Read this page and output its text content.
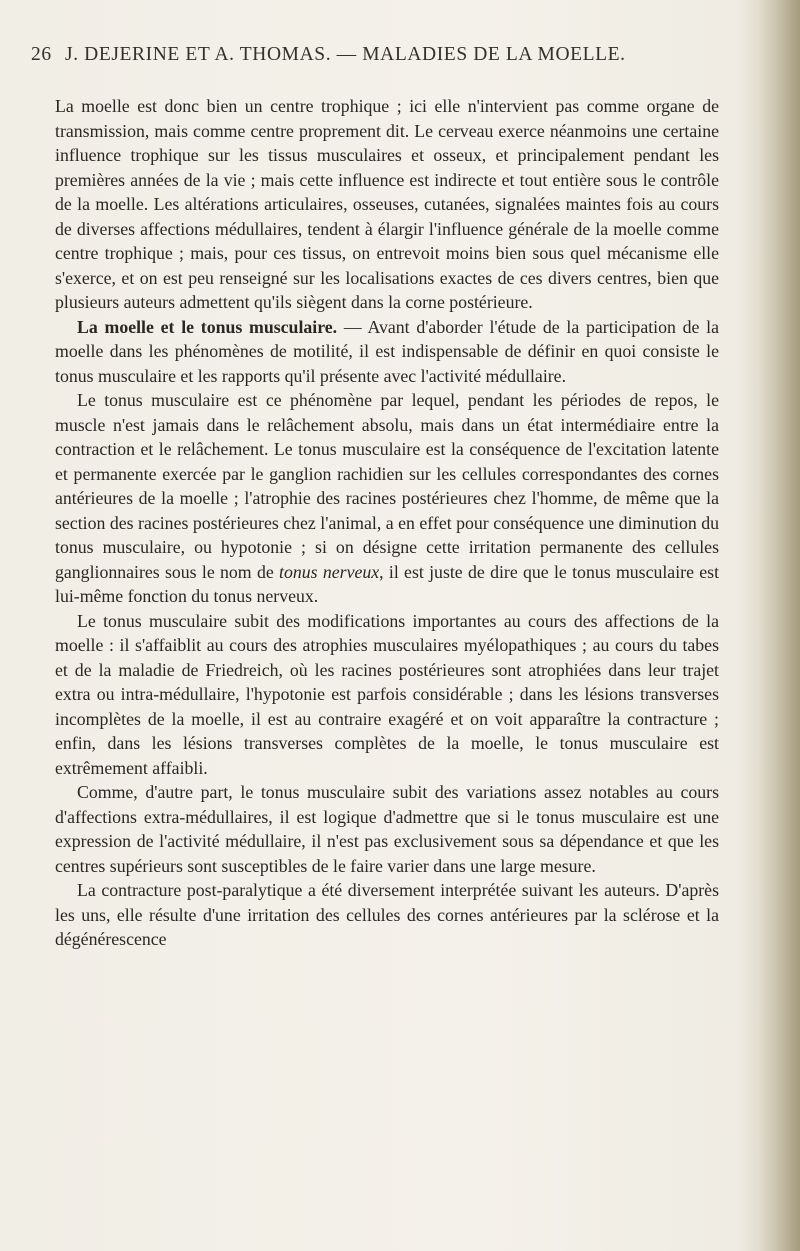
26 J. DEJERINE ET A. THOMAS. — MALADIES DE LA MOELLE.

La moelle est donc bien un centre trophique ; ici elle n'intervient pas comme organe de transmission, mais comme centre proprement dit. Le cerveau exerce néanmoins une certaine influence trophique sur les tissus musculaires et osseux, et principalement pendant les premières années de la vie ; mais cette influence est indirecte et tout entière sous le contrôle de la moelle. Les altérations articulaires, osseuses, cutanées, signalées maintes fois au cours de diverses affections médullaires, tendent à élargir l'influence générale de la moelle comme centre trophique ; mais, pour ces tissus, on entrevoit moins bien sous quel mécanisme elle s'exerce, et on est peu renseigné sur les localisations exactes de ces divers centres, bien que plusieurs auteurs admettent qu'ils siègent dans la corne postérieure.

La moelle et le tonus musculaire. — Avant d'aborder l'étude de la participation de la moelle dans les phénomènes de motilité, il est indispensable de définir en quoi consiste le tonus musculaire et les rapports qu'il présente avec l'activité médullaire.

Le tonus musculaire est ce phénomène par lequel, pendant les périodes de repos, le muscle n'est jamais dans le relâchement absolu, mais dans un état intermédiaire entre la contraction et le relâchement. Le tonus musculaire est la conséquence de l'excitation latente et permanente exercée par le ganglion rachidien sur les cellules correspondantes des cornes antérieures de la moelle ; l'atrophie des racines postérieures chez l'homme, de même que la section des racines postérieures chez l'animal, a en effet pour conséquence une diminution du tonus musculaire, ou hypotonie ; si on désigne cette irritation permanente des cellules ganglionnaires sous le nom de tonus nerveux, il est juste de dire que le tonus musculaire est lui-même fonction du tonus nerveux.

Le tonus musculaire subit des modifications importantes au cours des affections de la moelle : il s'affaiblit au cours des atrophies musculaires myélopathiques ; au cours du tabes et de la maladie de Friedreich, où les racines postérieures sont atrophiées dans leur trajet extra ou intra-médullaire, l'hypotonie est parfois considérable ; dans les lésions transverses incomplètes de la moelle, il est au contraire exagéré et on voit apparaître la contracture ; enfin, dans les lésions transverses complètes de la moelle, le tonus musculaire est extrêmement affaibli.

Comme, d'autre part, le tonus musculaire subit des variations assez notables au cours d'affections extra-médullaires, il est logique d'admettre que si le tonus musculaire est une expression de l'activité médullaire, il n'est pas exclusivement sous sa dépendance et que les centres supérieurs sont susceptibles de le faire varier dans une large mesure.

La contracture post-paralytique a été diversement interprétée suivant les auteurs. D'après les uns, elle résulte d'une irritation des cellules des cornes antérieures par la sclérose et la dégénérescence
